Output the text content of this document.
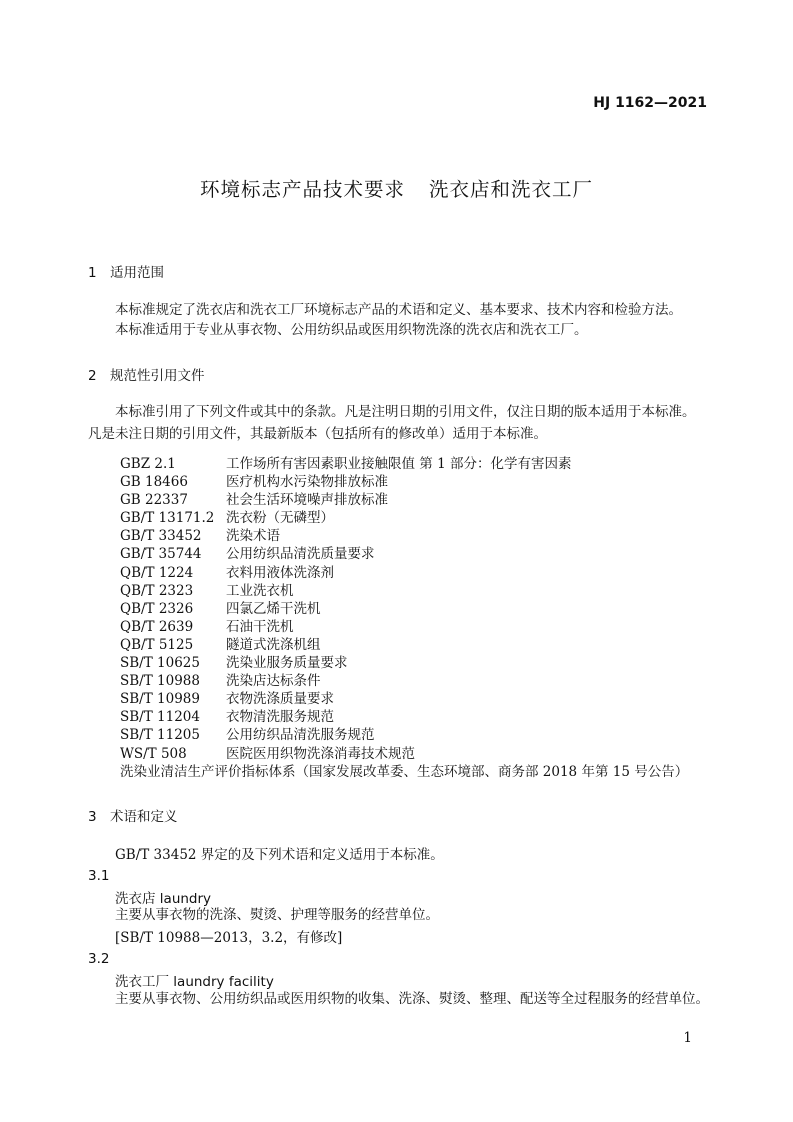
HJ 1162—2021
环境标志产品技术要求 洗衣店和洗衣工厂
1 适用范围

本标准规定了洗衣店和洗衣工厂环境标志产品的术语和定义、基本要求、技术内容和检验方法。

本标准适用于专业从事衣物、公用纺织品或医用织物洗涤的洗衣店和洗衣工厂。

2 规范性引用文件

本标准引用了下列文件或其中的条款。凡是注明日期的引用文件，仅注日期的版本适用于本标准。

凡是未注日期的引用文件，其最新版本（包括所有的修改单）适用于本标准。

GBZ 2.1	工作场所有害因素职业接触限值 第 1 部分：化学有害因素
GB 18466	医疗机构水污染物排放标准
GB 22337	社会生活环境噪声排放标准
GB/T 13171.2 洗衣粉（无磷型）
GB/T 33452 洗染术语
GB/T 35744 公用纺织品清洗质量要求
QB/T 1224 衣料用液体洗涤剂
QB/T 2323 工业洗衣机
QB/T 2326 四氯乙烯干洗机
QB/T 2639 石油干洗机
QB/T 5125 隧道式洗涤机组
SB/T 10625 洗染业服务质量要求
SB/T 10988 洗染店达标条件
SB/T 10989 衣物洗涤质量要求
SB/T 11204 衣物清洗服务规范
SB/T 11205 公用纺织品清洗服务规范
WS/T 508	医院医用织物洗涤消毒技术规范
洗染业清洁生产评价指标体系（国家发展改革委、生态环境部、商务部 2018 年第 15 号公告）
3 术语和定义

GB/T 33452 界定的及下列术语和定义适用于本标准。

3.1
洗衣店 laundry

主要从事衣物的洗涤、熨烫、护理等服务的经营单位。

[SB/T 10988—2013，3.2，有修改]

3.2
洗衣工厂 laundry facility

主要从事衣物、公用纺织品或医用织物的收集、洗涤、熨烫、整理、配送等全过程服务的经营单位。

1
